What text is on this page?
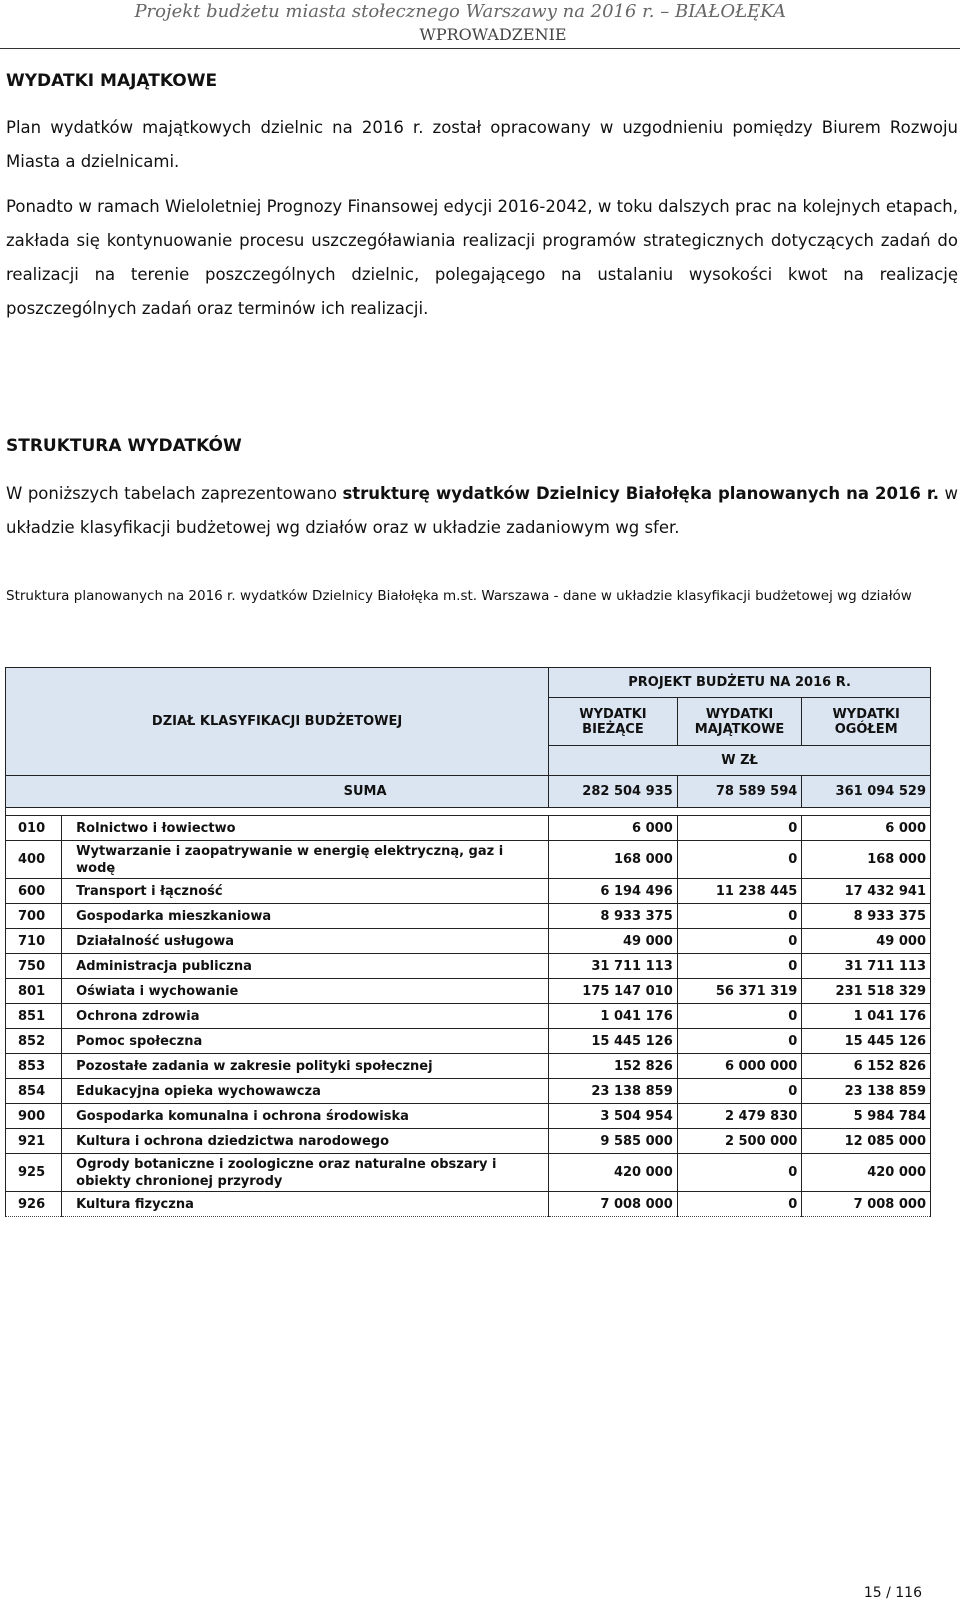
Projekt budżetu miasta stołecznego Warszawy na 2016 r. – BIAŁOŁĘKA
WPROWADZENIE
WYDATKI MAJĄTKOWE
Plan wydatków majątkowych dzielnic na 2016 r. został opracowany w uzgodnieniu pomiędzy Biurem Rozwoju Miasta a dzielnicami.
Ponadto w ramach Wieloletniej Prognozy Finansowej edycji 2016-2042, w toku dalszych prac na kolejnych etapach, zakłada się kontynuowanie procesu uszczegóławiania realizacji programów strategicznych dotyczących zadań do realizacji na terenie poszczególnych dzielnic, polegającego na ustalaniu wysokości kwot na realizację poszczególnych zadań oraz terminów ich realizacji.
STRUKTURA WYDATKÓW
W poniższych tabelach zaprezentowano strukturę wydatków Dzielnicy Białołęka planowanych na 2016 r. w układzie klasyfikacji budżetowej wg działów oraz w układzie zadaniowym wg sfer.
Struktura planowanych na 2016 r. wydatków Dzielnicy Białołęka m.st. Warszawa - dane w układzie klasyfikacji budżetowej wg działów
DZIAŁ KLASYFIKACJI BUDŻETOWEJ		PROJEKT BUDŻETU NA 2016 R.		
		WYDATKI BIEŻĄCE	WYDATKI MAJĄTKOWE	WYDATKI OGÓŁEM
		W ZŁ		
SUMA		282 504 935	78 589 594	361 094 529

010	Rolnictwo i łowiectwo	6 000	0	6 000
400	Wytwarzanie i zaopatrywanie w energię elektryczną, gaz i wodę	168 000	0	168 000
600	Transport i łączność	6 194 496	11 238 445	17 432 941
700	Gospodarka mieszkaniowa	8 933 375	0	8 933 375
710	Działalność usługowa	49 000	0	49 000
750	Administracja publiczna	31 711 113	0	31 711 113
801	Oświata i wychowanie	175 147 010	56 371 319	231 518 329
851	Ochrona zdrowia	1 041 176	0	1 041 176
852	Pomoc społeczna	15 445 126	0	15 445 126
853	Pozostałe zadania w zakresie polityki społecznej	152 826	6 000 000	6 152 826
854	Edukacyjna opieka wychowawcza	23 138 859	0	23 138 859
900	Gospodarka komunalna i ochrona środowiska	3 504 954	2 479 830	5 984 784
921	Kultura i ochrona dziedzictwa narodowego	9 585 000	2 500 000	12 085 000
925	Ogrody botaniczne i zoologiczne oraz naturalne obszary i obiekty chronionej przyrody	420 000	0	420 000
926	Kultura fizyczna	7 008 000	0	7 008 000
15 / 116
